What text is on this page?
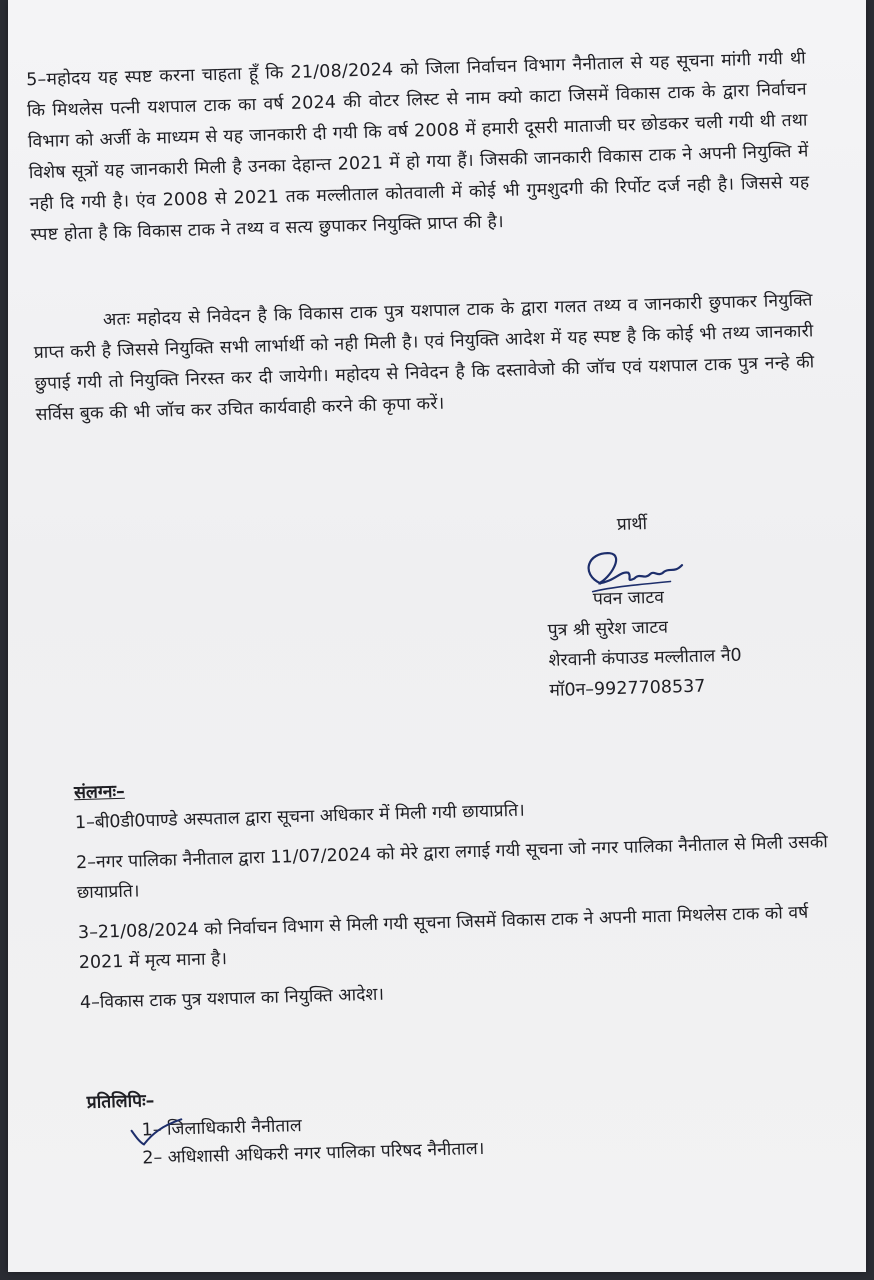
5–महोदय यह स्पष्ट करना चाहता हूँ कि 21/08/2024 को जिला निर्वाचन विभाग नैनीताल से यह सूचना मांगी गयी थी कि मिथलेस पत्नी यशपाल टाक का वर्ष 2024 की वोटर लिस्ट से नाम क्यो काटा जिसमें विकास टाक के द्वारा निर्वाचन विभाग को अर्जी के माध्यम से यह जानकारी दी गयी कि वर्ष 2008 में हमारी दूसरी माताजी घर छोडकर चली गयी थी तथा विशेष सूत्रों यह जानकारी मिली है उनका देहान्त 2021 में हो गया हैं। जिसकी जानकारी विकास टाक ने अपनी नियुक्ति में नही दि गयी है। एंव 2008 से 2021 तक मल्लीताल कोतवाली में कोई भी गुमशुदगी की रिर्पोट दर्ज नही है। जिससे यह स्पष्ट होता है कि विकास टाक ने तथ्य व सत्य छुपाकर नियुक्ति प्राप्त की है।
अतः महोदय से निवेदन है कि विकास टाक पुत्र यशपाल टाक के द्वारा गलत तथ्य व जानकारी छुपाकर नियुक्ति प्राप्त करी है जिससे नियुक्ति सभी लार्भार्थी को नही मिली है। एवं नियुक्ति आदेश में यह स्पष्ट है कि कोई भी तथ्य जानकारी छुपाई गयी तो नियुक्ति निरस्त कर दी जायेगी। महोदय से निवेदन है कि दस्तावेजो की जॉच एवं यशपाल टाक पुत्र नन्हे की सर्विस बुक की भी जॉच कर उचित कार्यवाही करने की कृपा करें।
प्रार्थी
पवन जाटव
पुत्र श्री सुरेश जाटव
शेरवानी कंपाउड मल्लीताल नै0
मॉ0न–9927708537
संलग्नः–
1–बी0डी0पाण्डे अस्पताल द्वारा सूचना अधिकार में मिली गयी छायाप्रति।
2–नगर पालिका नैनीताल द्वारा 11/07/2024 को मेरे द्वारा लगाई गयी सूचना जो नगर पालिका नैनीताल से मिली उसकी छायाप्रति।
3–21/08/2024 को निर्वाचन विभाग से मिली गयी सूचना जिसमें विकास टाक ने अपनी माता मिथलेस टाक को वर्ष 2021 में मृत्य माना है।
4–विकास टाक पुत्र यशपाल का नियुक्ति आदेश।
प्रतिलिपिः–
1– जिलाधिकारी नैनीताल
2– अधिशासी अधिकरी नगर पालिका परिषद नैनीताल।
